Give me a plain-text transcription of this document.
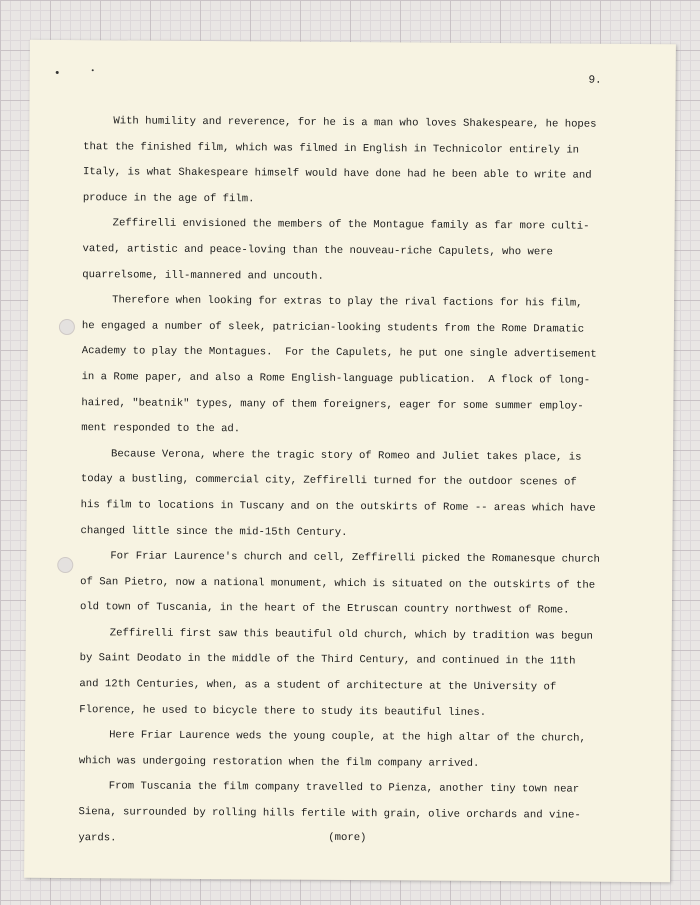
9.
With humility and reverence, for he is a man who loves Shakespeare, he hopes
that the finished film, which was filmed in English in Technicolor entirely in
Italy, is what Shakespeare himself would have done had he been able to write and
produce in the age of film.
Zeffirelli envisioned the members of the Montague family as far more culti-
vated, artistic and peace-loving than the nouveau-riche Capulets, who were
quarrelsome, ill-mannered and uncouth.
Therefore when looking for extras to play the rival factions for his film,
he engaged a number of sleek, patrician-looking students from the Rome Dramatic
Academy to play the Montagues.  For the Capulets, he put one single advertisement
in a Rome paper, and also a Rome English-language publication.  A flock of long-
haired, "beatnik" types, many of them foreigners, eager for some summer employ-
ment responded to the ad.
Because Verona, where the tragic story of Romeo and Juliet takes place, is
today a bustling, commercial city, Zeffirelli turned for the outdoor scenes of
his film to locations in Tuscany and on the outskirts of Rome -- areas which have
changed little since the mid-15th Century.
For Friar Laurence's church and cell, Zeffirelli picked the Romanesque church
of San Pietro, now a national monument, which is situated on the outskirts of the
old town of Tuscania, in the heart of the Etruscan country northwest of Rome.
Zeffirelli first saw this beautiful old church, which by tradition was begun
by Saint Deodato in the middle of the Third Century, and continued in the 11th
and 12th Centuries, when, as a student of architecture at the University of
Florence, he used to bicycle there to study its beautiful lines.
Here Friar Laurence weds the young couple, at the high altar of the church,
which was undergoing restoration when the film company arrived.
From Tuscania the film company travelled to Pienza, another tiny town near
Siena, surrounded by rolling hills fertile with grain, olive orchards and vine-
yards.	(more)
